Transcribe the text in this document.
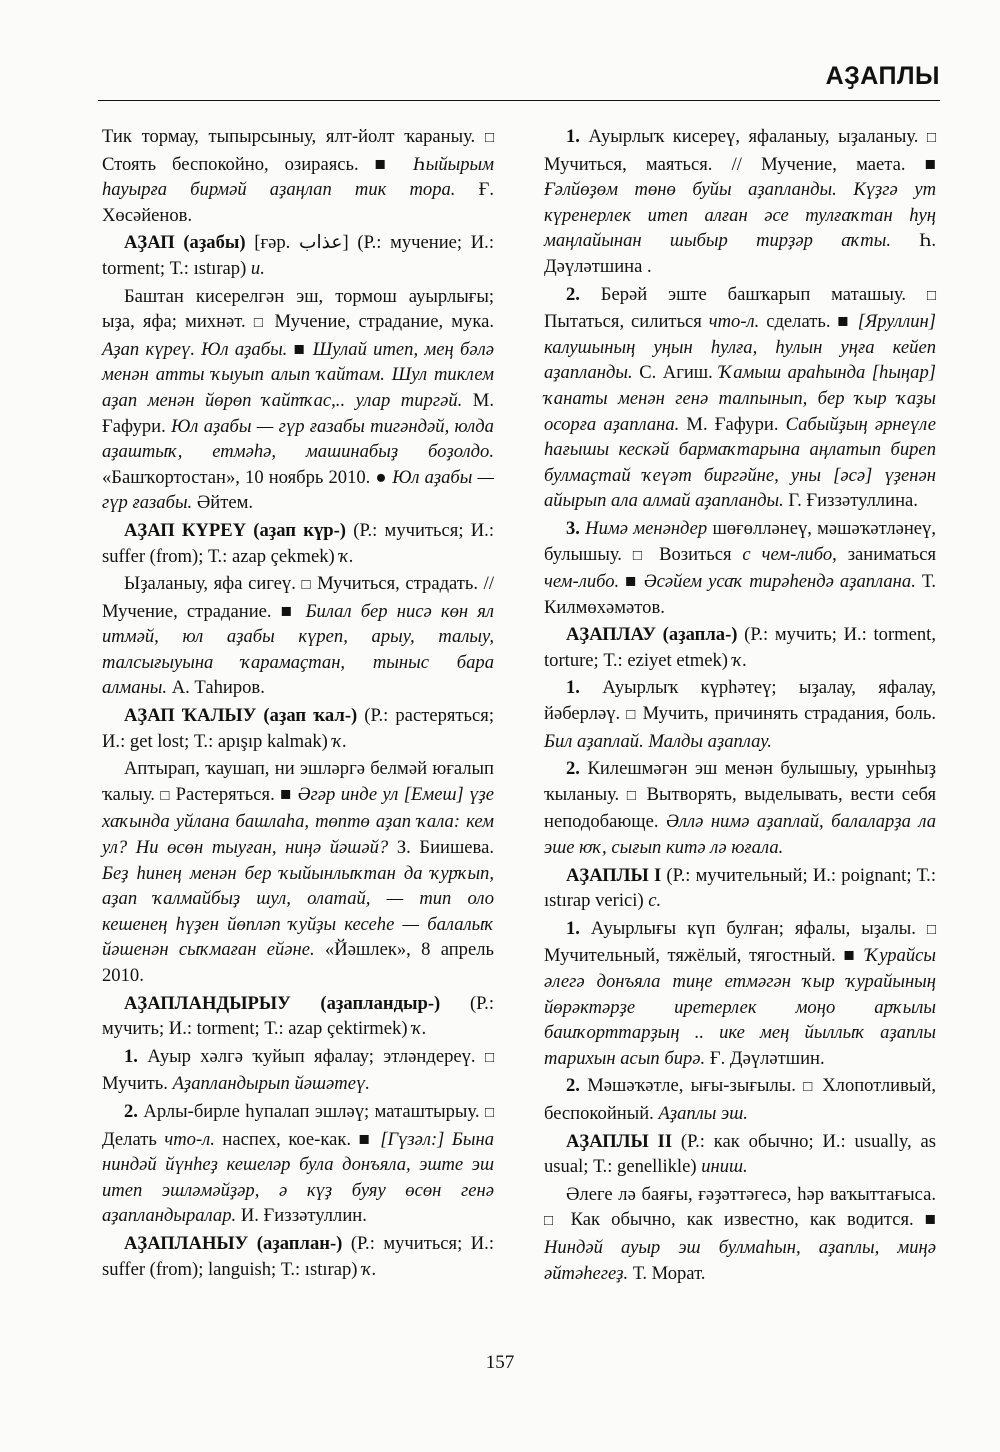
АҘАПЛЫ

Тик тормау, тыпырсыныу, ялт-йолт ҡараныу. □ Стоять беспокойно, озираясь. ■ Һыйырым һауырға бирмәй аҙаңлап тик тора. Ғ. Хөсәйенов.

АҘАП (аҙабы) [ғәр. عذاب] (Р.: мучение; И.: torment; Т.: ıstırap) и.

Баштан кисерелгән эш, тормош ауырлығы; ыҙа, яфа; михнәт. □ Мучение, страдание, мука. Аҙап күреү. Юл аҙабы. ■ Шулай итеп, мең бәлә менән атты ҡыуып алып ҡайтам. Шул тиклем аҙап менән йөрөп ҡайтҡас,.. улар тиргәй. М. Ғафури. Юл аҙабы — гүр ғазабы тигәндәй, юлда аҙаштыҡ, етмәһә, машинабыҙ боҙолдо. «Башҡортостан», 10 ноябрь 2010. ● Юл аҙабы — гүр ғазабы. Әйтем.

АҘАП КҮРЕҮ (аҙап күр-) (Р.: мучиться; И.: suffer (from); Т.: azap çekmek) ҡ.

Ыҙаланыу, яфа сигеү. □ Мучиться, страдать. // Мучение, страдание. ■ Билал бер нисә көн ял итмәй, юл аҙабы күреп, арыу, талыу, талсығыуына ҡарамаҫтан, тыныс бара алманы. А. Таһиров.

АҘАП ҠАЛЫУ (аҙап ҡал-) (Р.: растеряться; И.: get lost; Т.: apışıp kalmak) ҡ.

Аптырап, ҡаушап, ни эшләргә белмәй юғалып ҡалыу. □ Растеряться. ■ Әгәр инде ул [Емеш] үҙе хаҡында уйлана башлаһа, төптө аҙап ҡала: кем ул? Ни өсөн тыуған, ниңә йәшәй? З. Биишева. Беҙ һинең менән бер ҡыйынлыҡтан да ҡурҡып, аҙап ҡалмайбыҙ шул, олатай, — тип оло кешенең һүҙен йөпләп ҡуйҙы кесеһе — балалыҡ йәшенән сыҡмаған ейәне. «Йәшлек», 8 апрель 2010.

АҘАПЛАНДЫРЫУ (аҙапландыр-) (Р.: мучить; И.: torment; Т.: azap çektirmek) ҡ.

1. Ауыр хәлгә ҡуйып яфалау; этләндереү. □ Мучить. Аҙапландырып йәшәтеү.

2. Арлы-бирле һупалап эшләү; маташтырыу. □ Делать что-л. наспех, кое-как. ■ [Гүзәл:] Бына ниндәй йүнһеҙ кешеләр була донъяла, эште эш итеп эшләмәйҙәр, ә күҙ буяу өсөн генә аҙапландыралар. И. Ғиззәтуллин.

АҘАПЛАНЫУ (аҙаплан-) (Р.: мучиться; И.: suffer (from); languish; Т.: ıstırap) ҡ.

1. Ауырлыҡ кисереү, яфаланыу, ыҙаланыу. □ Мучиться, маяться. // Мучение, маета. ■ Ғәлйөҙөм төнө буйы аҙапланды. Күҙгә ут күренерлек итеп алған әсе тулғаҡтан һуң маңлайынан шыбыр тирҙәр аҡты. Һ. Дәүләтшина .

2. Берәй эште башҡарып маташыу. □ Пытаться, силиться что-л. сделать. ■ [Яруллин] калушының уңын һулға, һулын уңға кейеп аҙапланды. С. Агиш. Ҡамыш араһында [һыңар] ҡанаты менән генә талпынып, бер ҡыр ҡаҙы осорға аҙаплана. М. Ғафури. Сабыйҙың әрнеүле һағышы кескәй бармаҡтарына аңлатып биреп булмаҫтай ҡеүәт биргәйне, уны [әсә] үҙенән айырып ала алмай аҙапланды. Г. Ғиззәтуллина.

3. Нимә менәндер шөғөлләнеү, мәшәҡәтләнеү, булышыу. □ Возиться с чем-либо, заниматься чем-либо. ■ Әсәйем усаҡ тирәһендә аҙаплана. Т. Килмөхәмәтов.

АҘАПЛАУ (аҙапла-) (Р.: мучить; И.: torment, torture; Т.: eziyet etmek) ҡ.

1. Ауырлыҡ күрһәтеү; ыҙалау, яфалау, йәберләү. □ Мучить, причинять страдания, боль. Бил аҙаплай. Малды аҙаплау.

2. Килешмәгән эш менән булышыу, урынһыҙ ҡыланыу. □ Вытворять, выделывать, вести себя неподобающе. Әллә нимә аҙаплай, балаларҙа ла эше юҡ, сығып китә лә юғала.

АҘАПЛЫ I (Р.: мучительный; И.: poignant; Т.: ıstırap verici) с.

1. Ауырлығы күп булған; яфалы, ыҙалы. □ Мучительный, тяжёлый, тягостный. ■ Ҡурайсы әлегә донъяла тиңе етмәгән ҡыр ҡурайының йөрәктәрҙе иретерлек моңо арҡылы башҡорттарҙың .. ике мең йыллыҡ аҙаплы тарихын асып бирә. Ғ. Дәүләтшин.

2. Мәшәҡәтле, ығы-зығылы. □ Хлопотливый, беспокойный. Аҙаплы эш.

АҘАПЛЫ II (Р.: как обычно; И.: usually, as usual; Т.: genellikle) иниш.

Әлеге лә баяғы, ғәҙәттәгесә, һәр ваҡыттағыса. □ Как обычно, как известно, как водится. ■ Ниндәй ауыр эш булмаһын, аҙаплы, миңә әйтәһегеҙ. Т. Морат.

157
